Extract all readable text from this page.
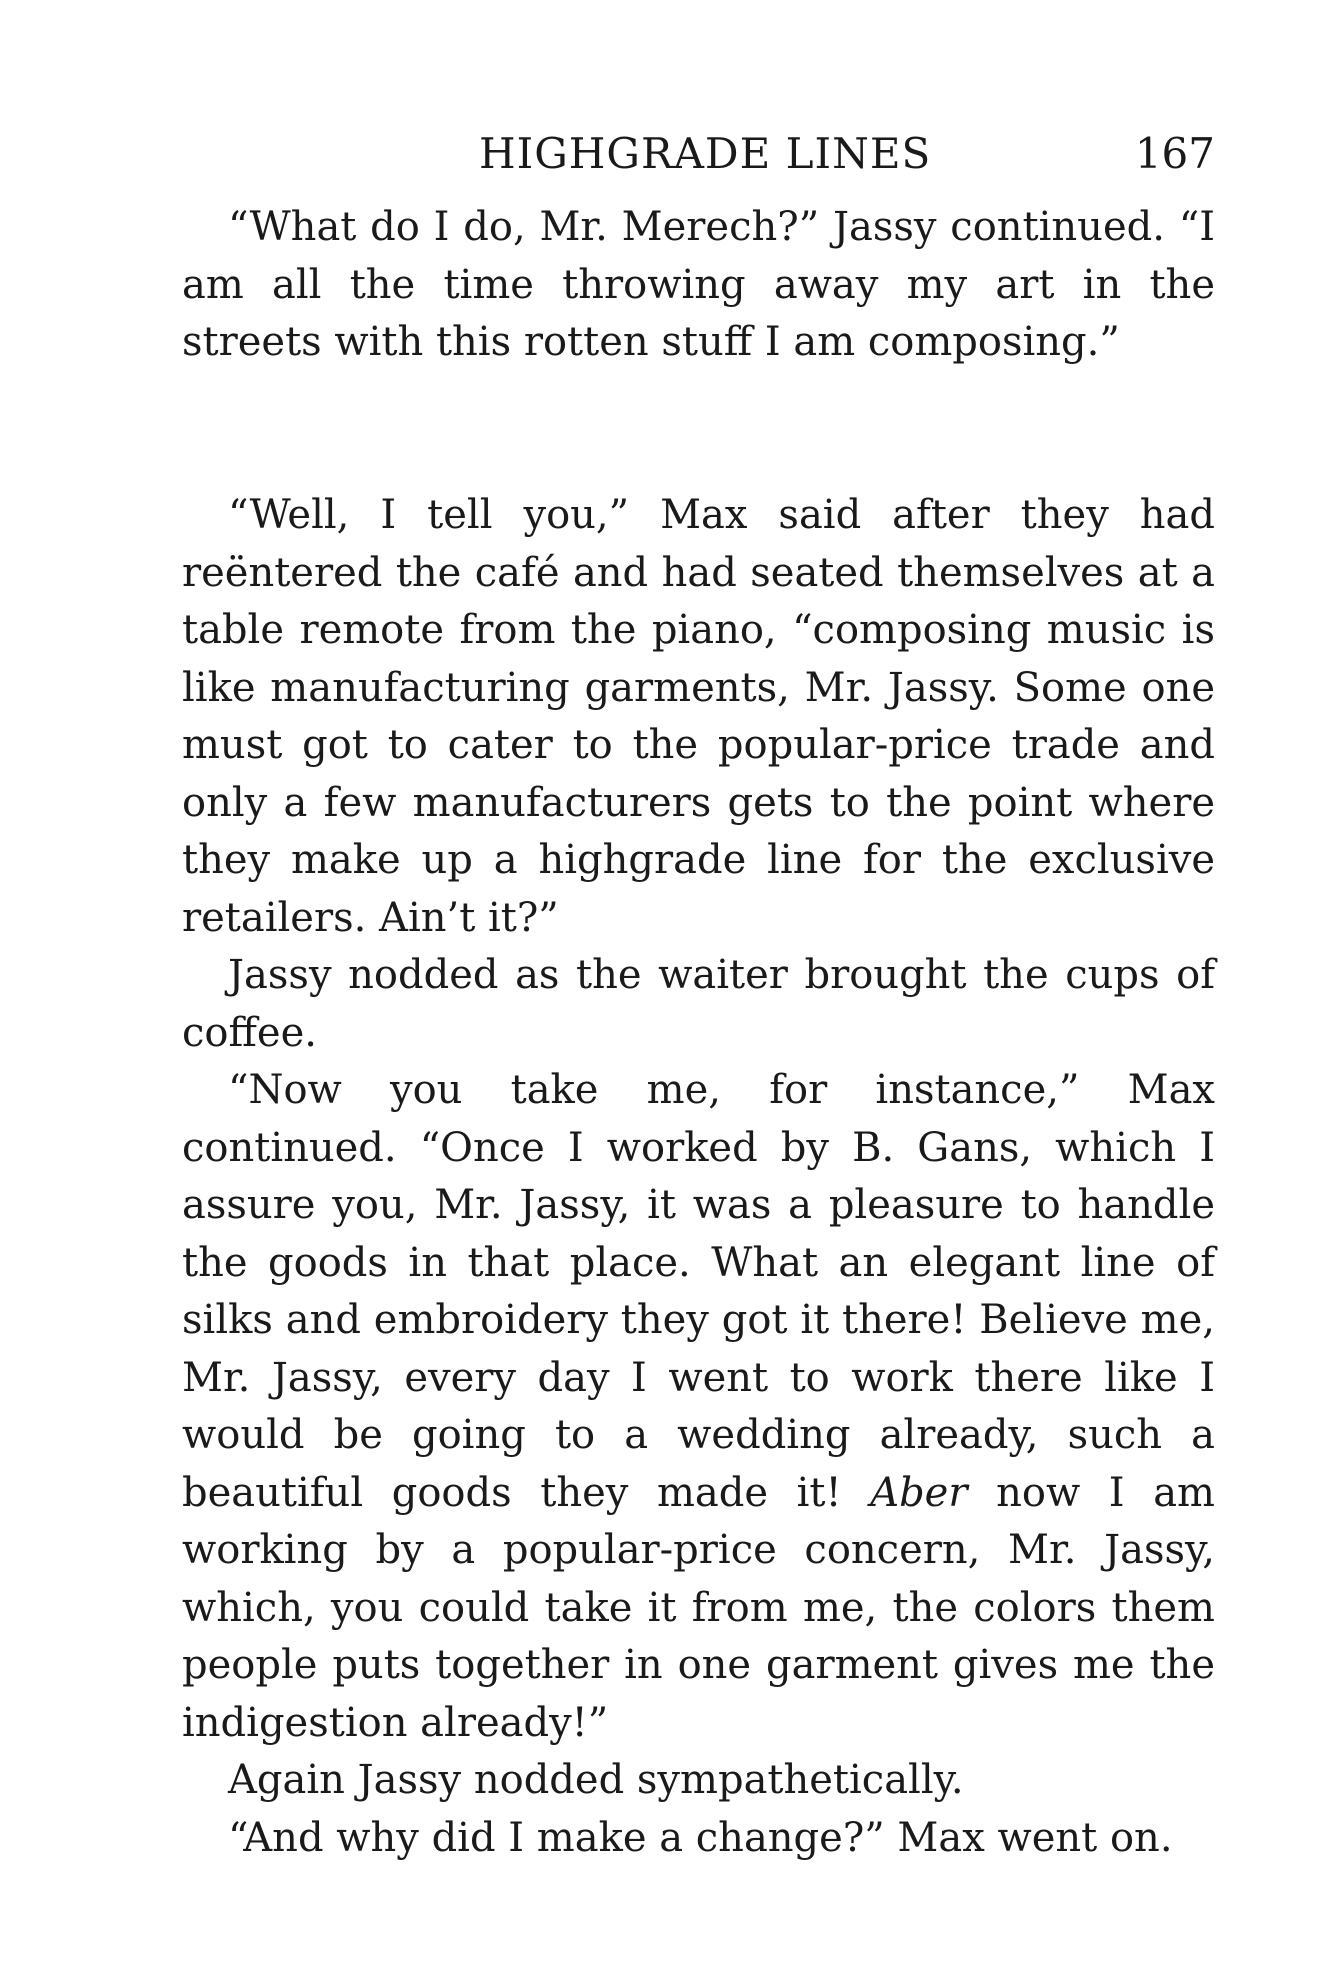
HIGHGRADE LINES	167

“What do I do, Mr. Merech?” Jassy continued. “I am all the time throwing away my art in the streets with this rotten stuff I am composing.”

“Well, I tell you,” Max said after they had reëntered the café and had seated themselves at a table remote from the piano, “composing music is like manufacturing garments, Mr. Jassy. Some one must got to cater to the popular-price trade and only a few manufacturers gets to the point where they make up a highgrade line for the exclusive retailers. Ain’t it?”

Jassy nodded as the waiter brought the cups of coffee.

“Now you take me, for instance,” Max continued. “Once I worked by B. Gans, which I assure you, Mr. Jassy, it was a pleasure to handle the goods in that place. What an elegant line of silks and embroidery they got it there! Believe me, Mr. Jassy, every day I went to work there like I would be going to a wedding already, such a beautiful goods they made it! Aber now I am working by a popular-price concern, Mr. Jassy, which, you could take it from me, the colors them people puts together in one garment gives me the indigestion already!”

Again Jassy nodded sympathetically.

“And why did I make a change?” Max went on.
